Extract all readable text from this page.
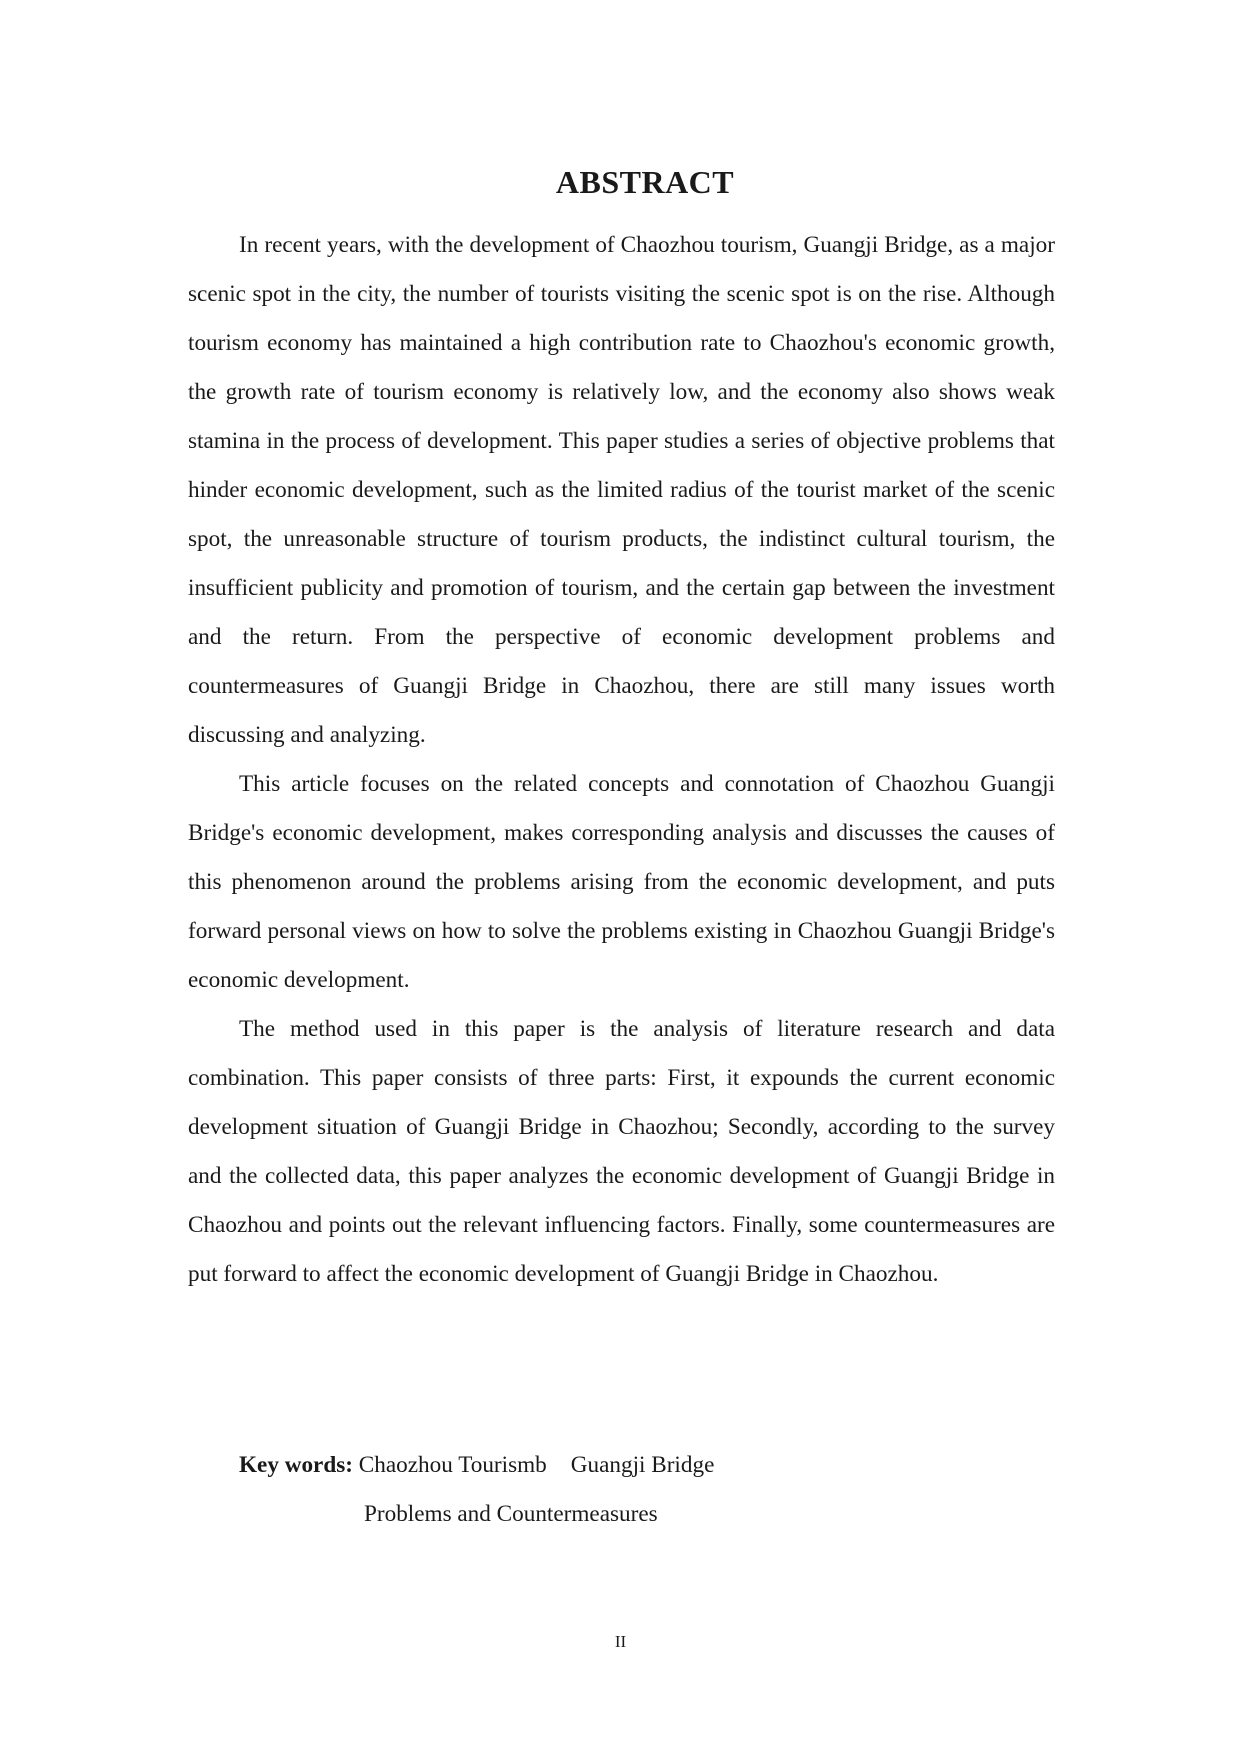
ABSTRACT

In recent years, with the development of Chaozhou tourism, Guangji Bridge, as a major scenic spot in the city, the number of tourists visiting the scenic spot is on the rise. Although tourism economy has maintained a high contribution rate to Chaozhou's economic growth, the growth rate of tourism economy is relatively low, and the economy also shows weak stamina in the process of development. This paper studies a series of objective problems that hinder economic development, such as the limited radius of the tourist market of the scenic spot, the unreasonable structure of tourism products, the indistinct cultural tourism, the insufficient publicity and promotion of tourism, and the certain gap between the investment and the return. From the perspective of economic development problems and countermeasures of Guangji Bridge in Chaozhou, there are still many issues worth discussing and analyzing.

This article focuses on the related concepts and connotation of Chaozhou Guangji Bridge's economic development, makes corresponding analysis and discusses the causes of this phenomenon around the problems arising from the economic development, and puts forward personal views on how to solve the problems existing in Chaozhou Guangji Bridge's economic development.

The method used in this paper is the analysis of literature research and data combination. This paper consists of three parts: First, it expounds the current economic development situation of Guangji Bridge in Chaozhou; Secondly, according to the survey and the collected data, this paper analyzes the economic development of Guangji Bridge in Chaozhou and points out the relevant influencing factors. Finally, some countermeasures are put forward to affect the economic development of Guangji Bridge in Chaozhou.

Key words: Chaozhou Tourismb Guangji Bridge
Problems and Countermeasures
II
